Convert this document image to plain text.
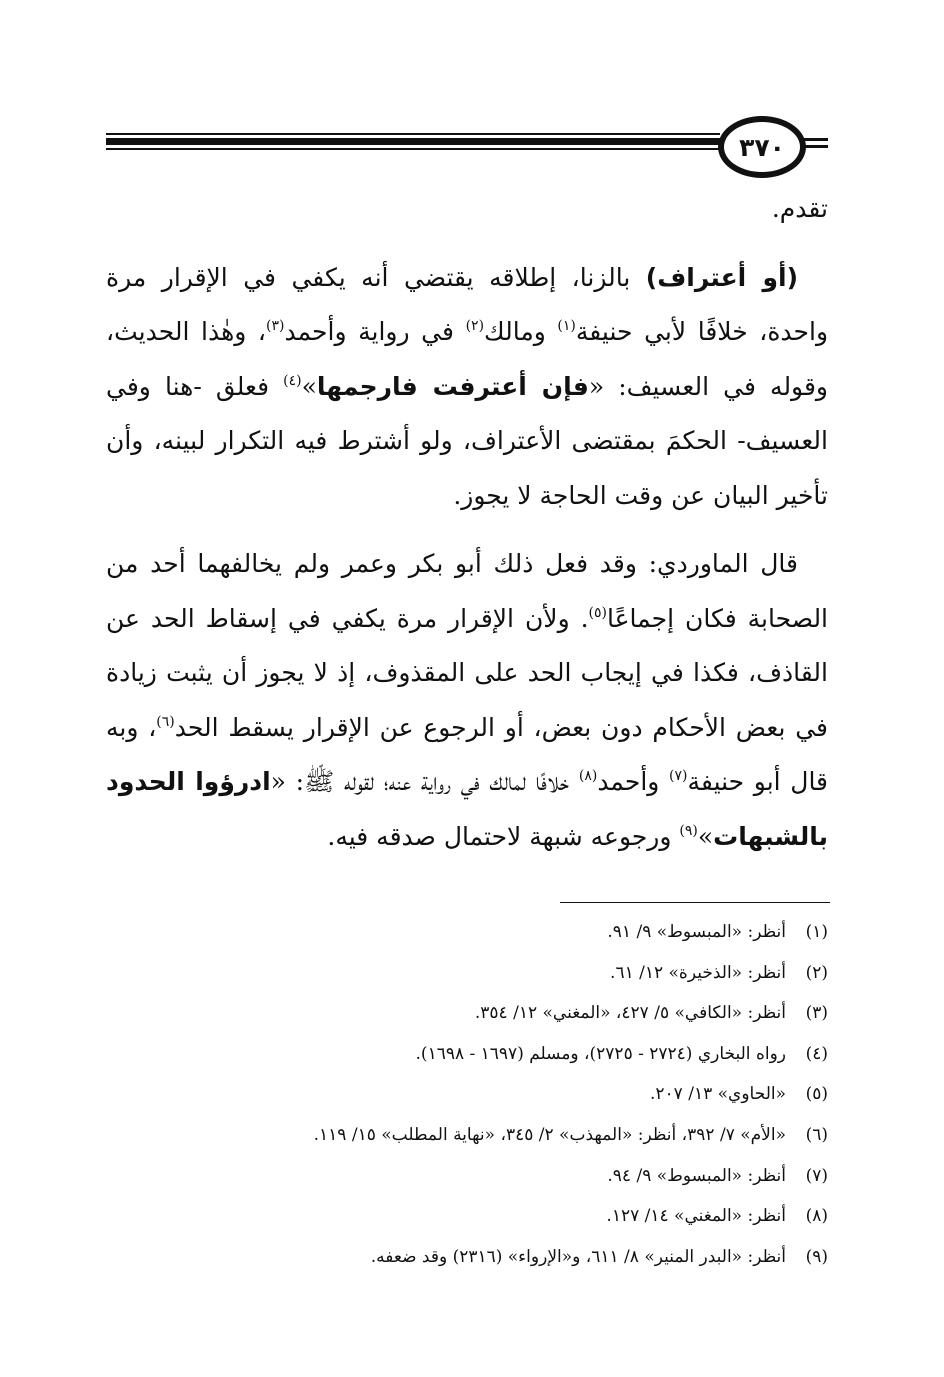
٣٧٠

تقدم.

(أو أعتراف) بالزنا، إطلاقه يقتضي أنه يكفي في الإقرار مرة واحدة، خلافًا لأبي حنيفة$^{(١)}$ ومالك$^{(٢)}$ في رواية وأحمد$^{(٣)}$، وهٰذا الحديث، وقوله في العسيف: «فإن أعترفت فارجمها»$^{(٤)}$ فعلق -هنا وفي العسيف- الحكمَ بمقتضى الأعتراف، ولو أشترط فيه التكرار لبينه، وأن تأخير البيان عن وقت الحاجة لا يجوز.

قال الماوردي: وقد فعل ذلك أبو بكر وعمر ولم يخالفهما أحد من الصحابة فكان إجماعًا$^{(٥)}$. ولأن الإقرار مرة يكفي في إسقاط الحد عن القاذف، فكذا في إيجاب الحد على المقذوف، إذ لا يجوز أن يثبت زيادة في بعض الأحكام دون بعض، أو الرجوع عن الإقرار يسقط الحد$^{(٦)}$، وبه قال أبو حنيفة$^{(٧)}$ وأحمد$^{(٨)}$ خلافًا لمالك في رواية عنه؛ لقوله ﷺ: «ادرؤوا الحدود بالشبهات»$^{(٩)}$ ورجوعه شبهة لاحتمال صدقه فيه.

(١)أنظر: «المبسوط» ٩/ ٩١.
(٢)أنظر: «الذخيرة» ١٢/ ٦١.
(٣)أنظر: «الكافي» ٥/ ٤٢٧، «المغني» ١٢/ ٣٥٤.
(٤)رواه البخاري (٢٧٢٤ - ٢٧٢٥)، ومسلم (١٦٩٧ - ١٦٩٨).
(٥)«الحاوي» ١٣/ ٢٠٧.
(٦)«الأم» ٧/ ٣٩٢، أنظر: «المهذب» ٢/ ٣٤٥، «نهاية المطلب» ١٥/ ١١٩.
(٧)أنظر: «المبسوط» ٩/ ٩٤.
(٨)أنظر: «المغني» ١٤/ ١٢٧.
(٩)أنظر: «البدر المنير» ٨/ ٦١١، و«الإرواء» (٢٣١٦) وقد ضعفه.
